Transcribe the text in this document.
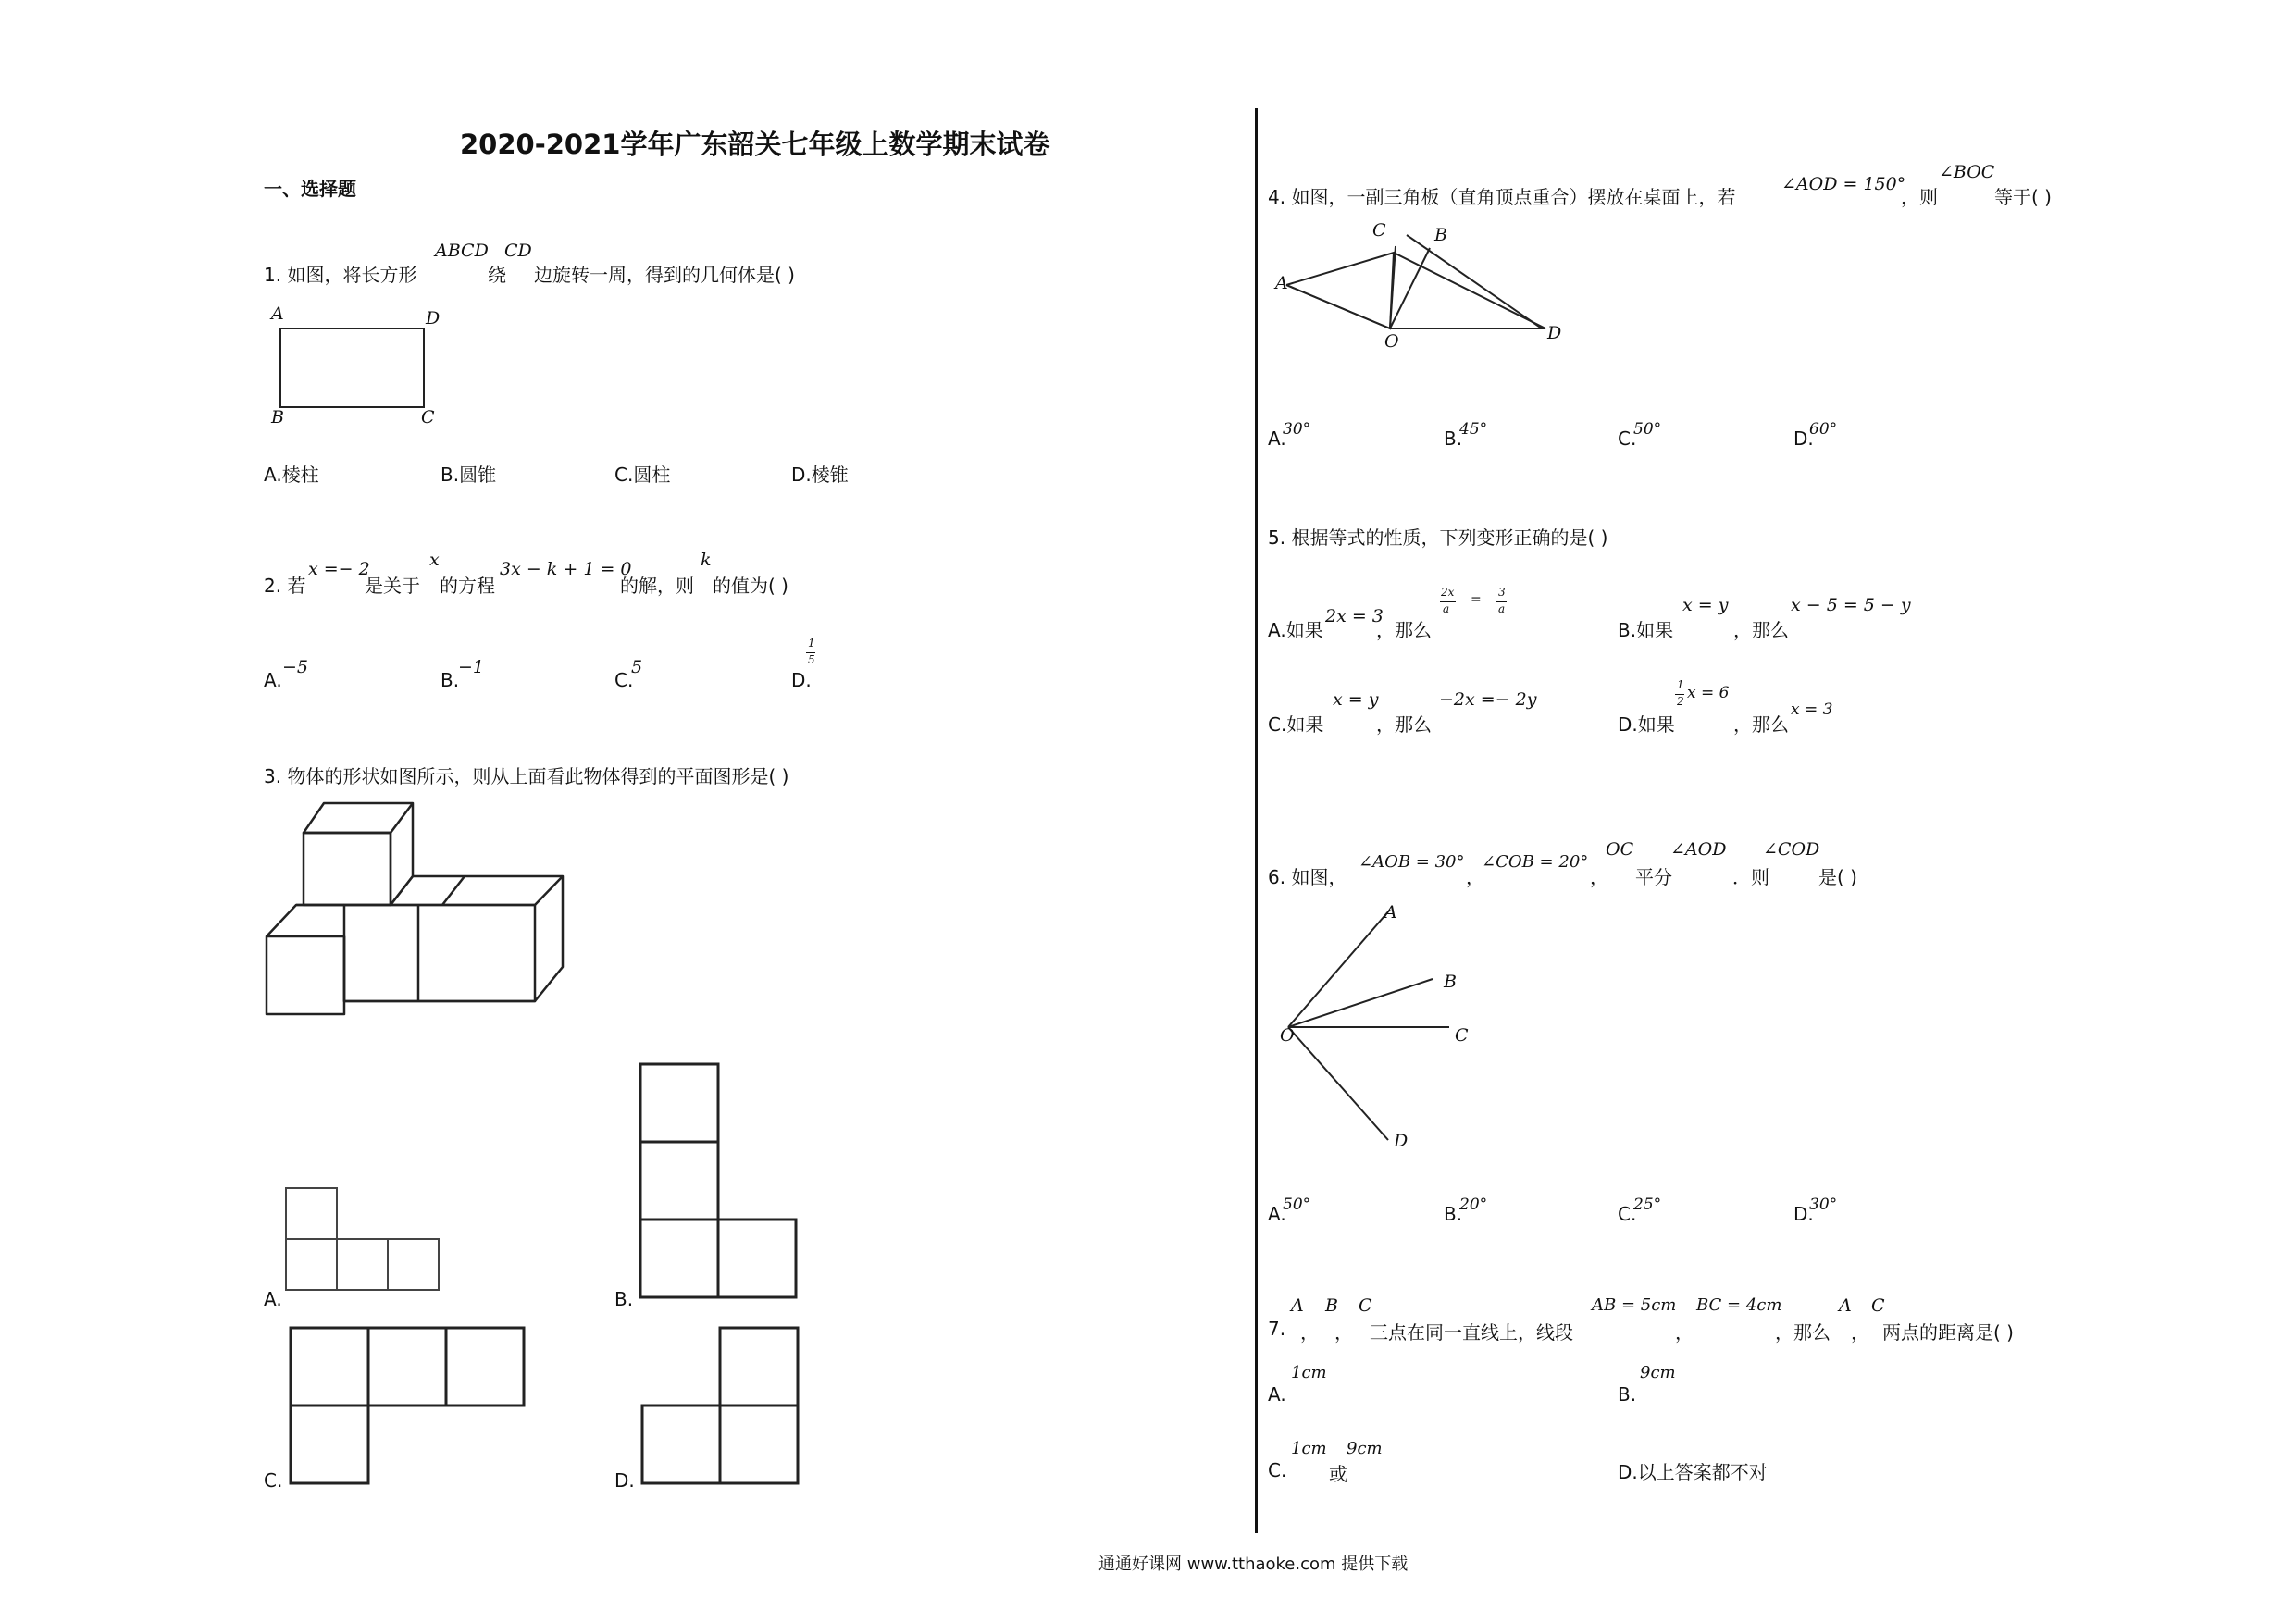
2020-2021学年广东韶关七年级上数学期末试卷
一、选择题
1. 如图，将长方形
ABCD
绕
CD
边旋转一周，得到的几何体是( )
A	D
B	C
A.棱柱	B.圆锥	C.圆柱	D.棱锥
2. 若
x =− 2
是关于
x
的方程
3x − k + 1 = 0
的解，则
k
的值为( )
A.
−5
B.
−1
C.
5
D.
1
5
3. 物体的形状如图所示，则从上面看此物体得到的平面图形是( )
A.	B.
C.	D.
4. 如图，一副三角板（直角顶点重合）摆放在桌面上，若
∠AOD = 150°
，则
∠BOC
等于( )
A
C	B
O	D
A.
30°	B.
45°	C.
50°	D.
60°
5. 根据等式的性质，下列变形正确的是( )
A.如果
2x = 3
，那么
2x
a
= 3
a
B.如果
x = y
，那么
x − 5 = 5 − y
C.如果
x = y
，那么
−2x =− 2y
D.如果
1
2 x = 6
，那么
x = 3
6. 如图，
∠AOB = 30°
，
∠COB = 20°
，
OC
平分
∠AOD
．则
∠COD
是( )
A
B
C
O
D
A.
50°	B.
20°	C.
25°	D.
30°
7.
A
，
B
，
C
三点在同一直线上，线段
AB = 5cm
，
BC = 4cm
，那么
A
，
C
两点的距离是( )
A.
1cm
B.
9cm
C.
1cm
或
9cm
D.以上答案都不对
通通好课网 www.tthaoke.com 提供下载
